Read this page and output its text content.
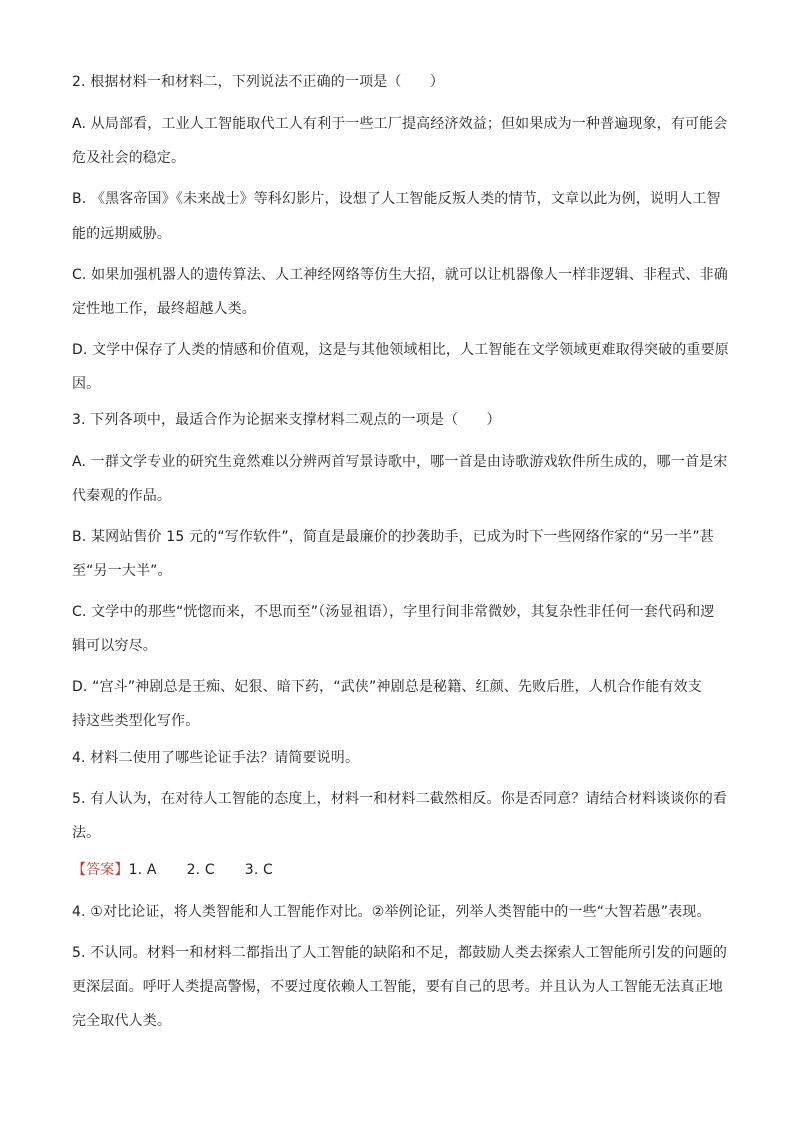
2. 根据材料一和材料二，下列说法不正确的一项是（　　）
A. 从局部看，工业人工智能取代工人有利于一些工厂提高经济效益；但如果成为一种普遍现象，有可能会
危及社会的稳定。
B. 《黑客帝国》《未来战士》等科幻影片，设想了人工智能反叛人类的情节，文章以此为例，说明人工智
能的远期威胁。
C. 如果加强机器人的遗传算法、人工神经网络等仿生大招，就可以让机器像人一样非逻辑、非程式、非确
定性地工作，最终超越人类。
D. 文学中保存了人类的情感和价值观，这是与其他领域相比，人工智能在文学领域更难取得突破的重要原
因。
3. 下列各项中，最适合作为论据来支撑材料二观点的一项是（　　）
A. 一群文学专业的研究生竟然难以分辨两首写景诗歌中，哪一首是由诗歌游戏软件所生成的，哪一首是宋
代秦观的作品。
B. 某网站售价 15 元的“写作软件”，简直是最廉价的抄袭助手，已成为时下一些网络作家的“另一半”甚
至“另一大半”。
C. 文学中的那些“恍惚而来，不思而至”（汤显祖语），字里行间非常微妙，其复杂性非任何一套代码和逻
辑可以穷尽。
D. “宫斗”神剧总是王痴、妃狠、暗下药，“武侠”神剧总是秘籍、红颜、先败后胜，人机合作能有效支
持这些类型化写作。
4. 材料二使用了哪些论证手法？请简要说明。
5. 有人认为，在对待人工智能的态度上，材料一和材料二截然相反。你是否同意？请结合材料谈谈你的看
法。
【答案】1. A 2. C 3. C
4. ①对比论证，将人类智能和人工智能作对比。②举例论证，列举人类智能中的一些“大智若愚”表现。
5. 不认同。材料一和材料二都指出了人工智能的缺陷和不足，都鼓励人类去探索人工智能所引发的问题的
更深层面。呼吁人类提高警惕，不要过度依赖人工智能，要有自己的思考。并且认为人工智能无法真正地
完全取代人类。
